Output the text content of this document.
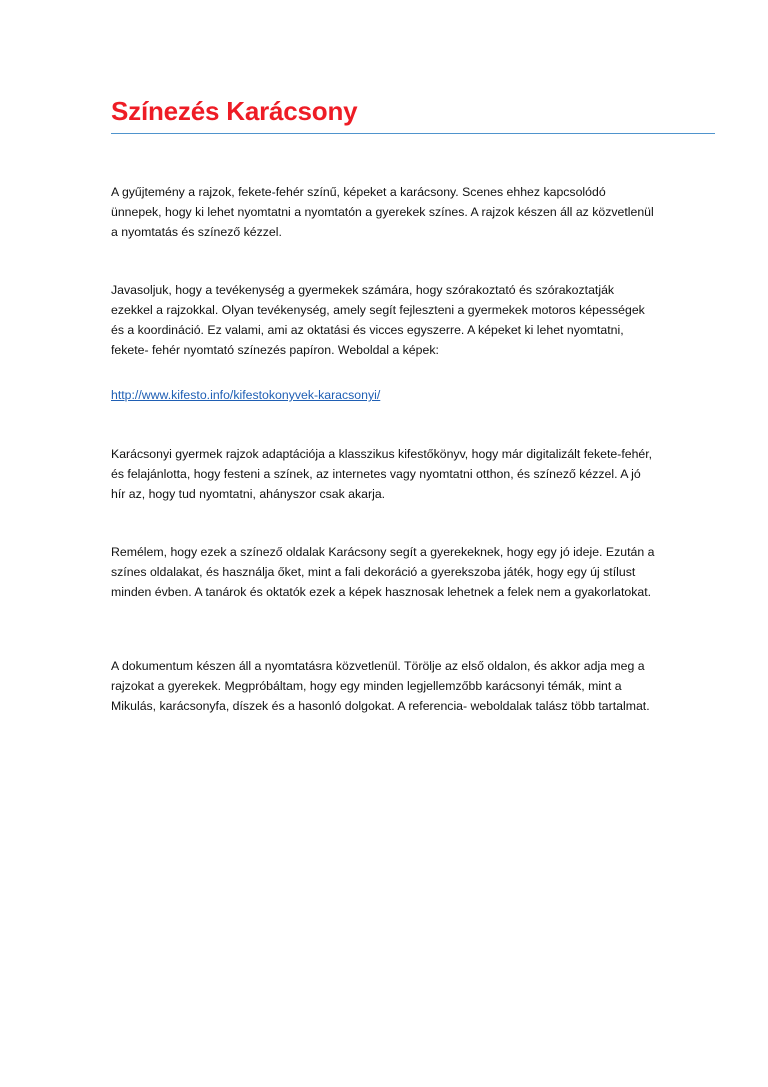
Színezés Karácsony

A gyűjtemény a rajzok, fekete-fehér színű, képeket a karácsony. Scenes ehhez kapcsolódó ünnepek, hogy ki lehet nyomtatni a nyomtatón a gyerekek színes. A rajzok készen áll az közvetlenül a nyomtatás és színező kézzel.

Javasoljuk, hogy a tevékenység a gyermekek számára, hogy szórakoztató és szórakoztatják ezekkel a rajzokkal. Olyan tevékenység, amely segít fejleszteni a gyermekek motoros képességek és a koordináció. Ez valami, ami az oktatási és vicces egyszerre. A képeket ki lehet nyomtatni, fekete- fehér nyomtató színezés papíron. Weboldal a képek:

http://www.kifesto.info/kifestokonyvek-karacsonyi/

Karácsonyi gyermek rajzok adaptációja a klasszikus kifestőkönyv, hogy már digitalizált fekete-fehér, és felajánlotta, hogy festeni a színek, az internetes vagy nyomtatni otthon, és színező kézzel. A jó hír az, hogy tud nyomtatni, ahányszor csak akarja.

Remélem, hogy ezek a színező oldalak Karácsony segít a gyerekeknek, hogy egy jó ideje. Ezután a színes oldalakat, és használja őket, mint a fali dekoráció a gyerekszoba játék, hogy egy új stílust minden évben. A tanárok és oktatók ezek a képek hasznosak lehetnek a felek nem a gyakorlatokat.

A dokumentum készen áll a nyomtatásra közvetlenül. Törölje az első oldalon, és akkor adja meg a rajzokat a gyerekek. Megpróbáltam, hogy egy minden legjellemzőbb karácsonyi témák, mint a Mikulás, karácsonyfa, díszek és a hasonló dolgokat. A referencia- weboldalak talász több tartalmat.
